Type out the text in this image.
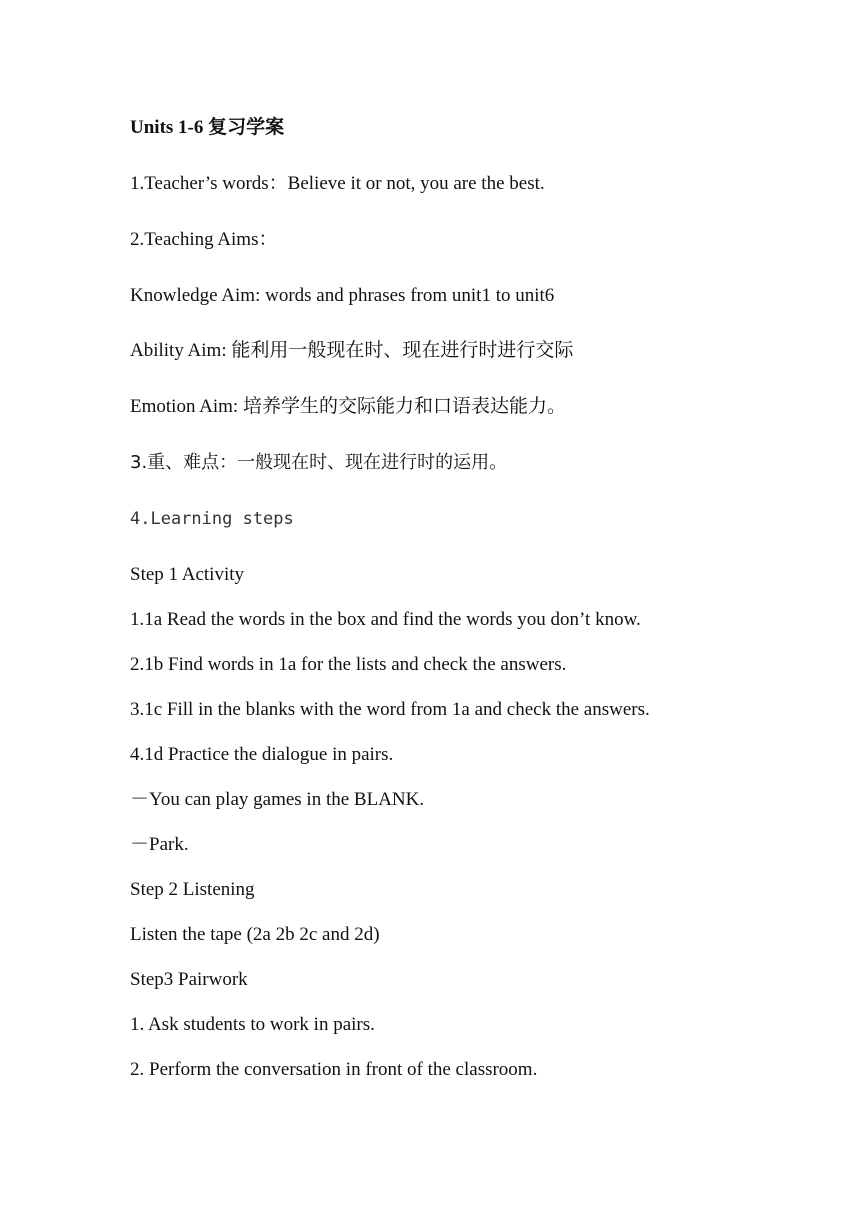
Units 1-6 复习学案
1.Teacher’s words：Believe it or not, you are the best.
2.Teaching Aims：
Knowledge Aim: words and phrases from unit1 to unit6
Ability Aim: 能利用一般现在时、现在进行时进行交际
Emotion Aim: 培养学生的交际能力和口语表达能力。
3.重、难点：一般现在时、现在进行时的运用。
4.Learning steps
Step 1 Activity
1.1a Read the words in the box and find the words you don’t know.
2.1b Find words in 1a for the lists and check the answers.
3.1c Fill in the blanks with the word from 1a and check the answers.
4.1d Practice the dialogue in pairs.
－You can play games in the BLANK.
－Park.
Step 2 Listening
Listen the tape (2a 2b 2c and 2d)
Step3 Pairwork
1. Ask students to work in pairs.
2. Perform the conversation in front of the classroom.
